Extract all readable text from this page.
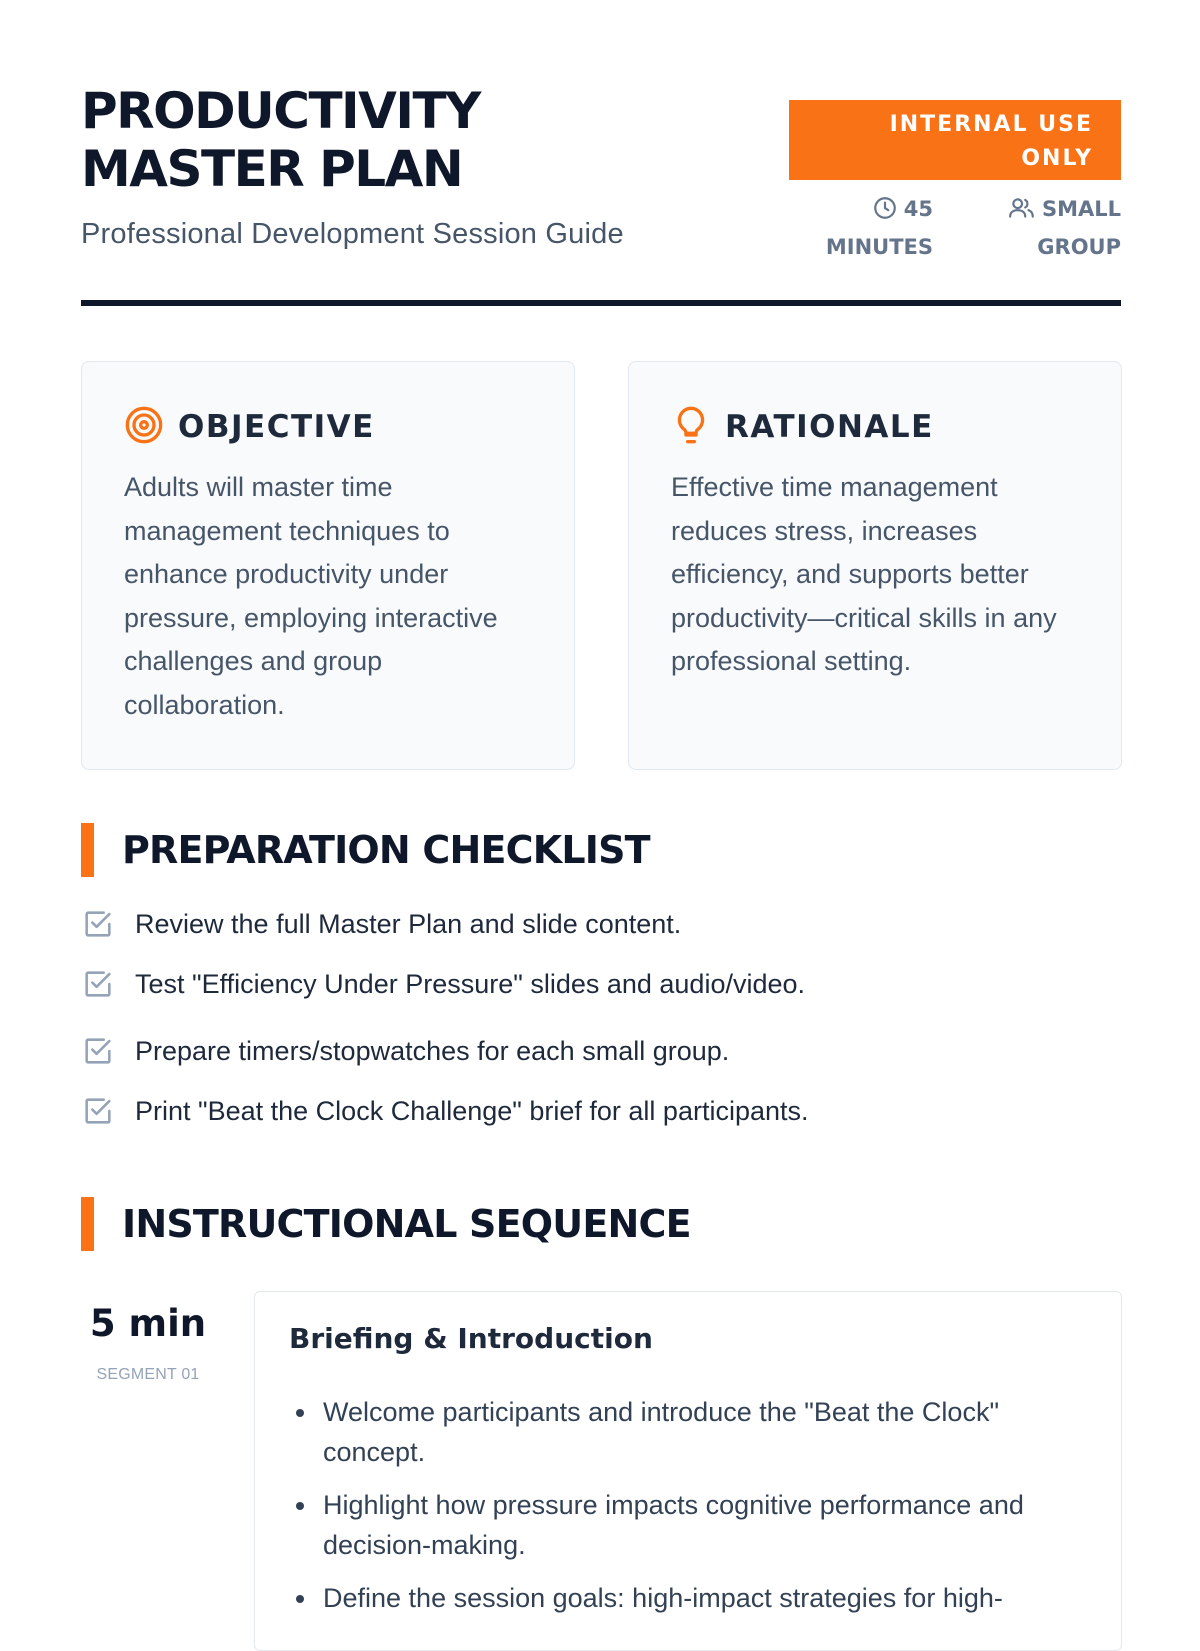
PRODUCTIVITY
MASTER PLAN
Professional Development Session Guide
INTERNAL USE
ONLY
45
MINUTES
SMALL
GROUP
OBJECTIVE
Adults will master time management techniques to enhance productivity under pressure, employing interactive challenges and group collaboration.
RATIONALE
Effective time management reduces stress, increases efficiency, and supports better productivity—critical skills in any professional setting.
PREPARATION CHECKLIST
Review the full Master Plan and slide content.
Test "Efficiency Under Pressure" slides and audio/video.
Prepare timers/stopwatches for each small group.
Print "Beat the Clock Challenge" brief for all participants.
INSTRUCTIONAL SEQUENCE
5 min
SEGMENT 01
Briefing & Introduction
Welcome participants and introduce the "Beat the Clock" concept.
Highlight how pressure impacts cognitive performance and decision-making.
Define the session goals: high-impact strategies for high-
